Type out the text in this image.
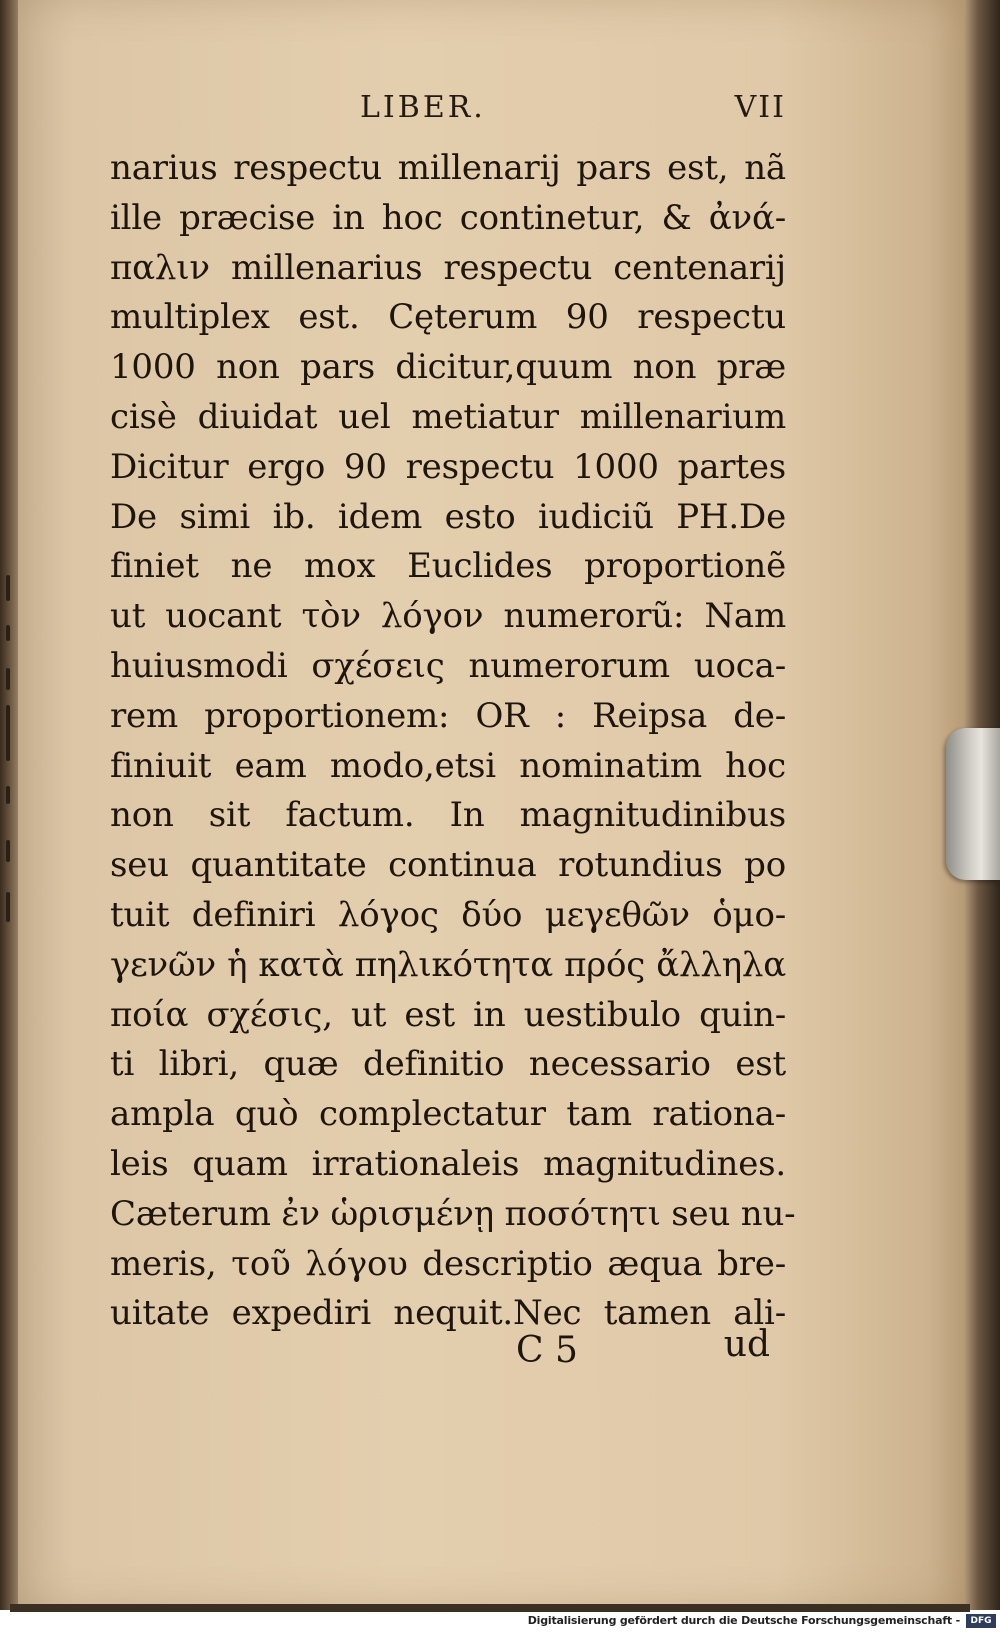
LIBER.	VII
narius respectu millenarij pars est, nã
ille præcise in hoc continetur, & ἀνά-
παλιν millenarius respectu centenarij
multiplex est. Cęterum 90 respectu
1000 non pars dicitur,quum non præ
cisè diuidat uel metiatur millenarium
Dicitur ergo 90 respectu 1000 partes
De simi ib. idem esto iudiciũ PH.De
finiet ne mox Euclides proportionẽ
ut uocant τὸν λόγον numerorũ: Nam
huiusmodi σχέσεις numerorum uoca-
rem proportionem: OR : Reipsa de-
finiuit eam modo,etsi nominatim hoc
non sit factum. In magnitudinibus
seu quantitate continua rotundius po
tuit definiri λόγος δύο μεγεθῶν ὁμο-
γενῶν ἡ κατὰ πηλικότητα πρός ἄλληλα
ποία σχέσις, ut est in uestibulo quin-
ti libri, quæ definitio necessario est
ampla quò complectatur tam rationa-
leis quam irrationaleis magnitudines.
Cæterum ἐν ὡρισμένῃ ποσότητι seu nu-
meris, τοῦ λόγου descriptio æqua bre-
uitate expediri nequit.Nec tamen ali-
C 5	ud
Digitalisierung gefördert durch die Deutsche Forschungsgemeinschaft -	DFG
